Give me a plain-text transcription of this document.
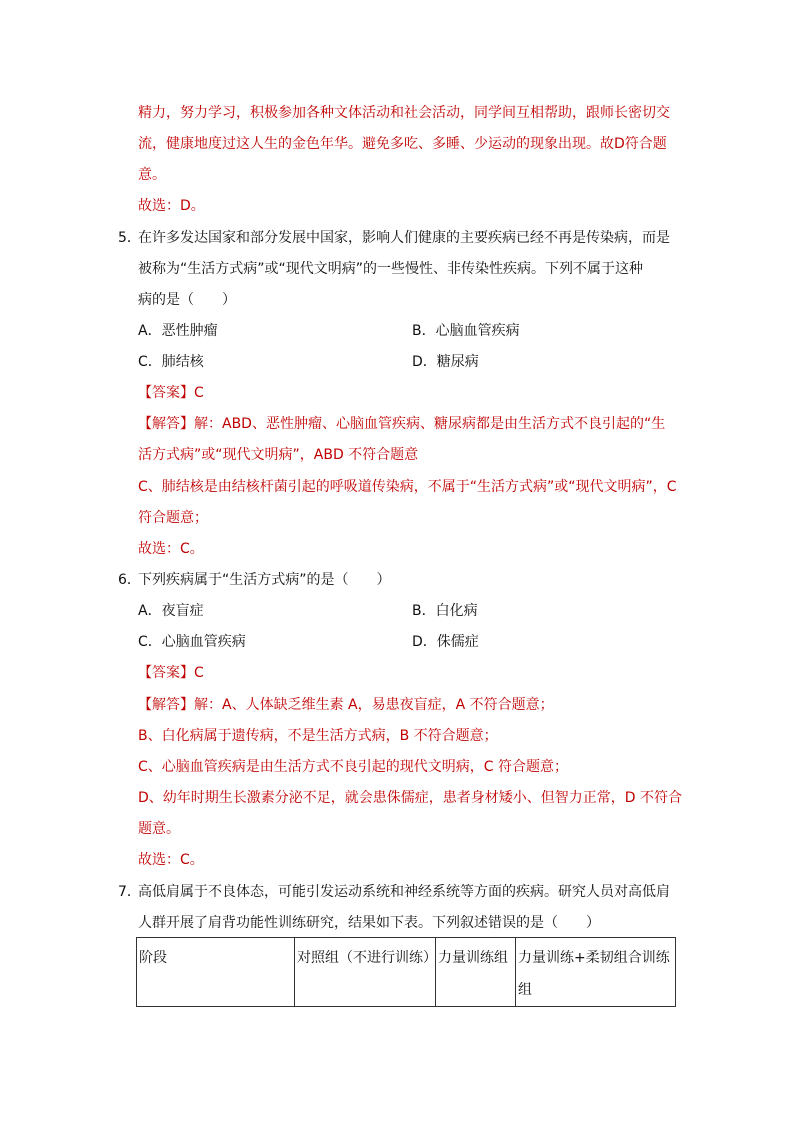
精力，努力学习，积极参加各种文体活动和社会活动，同学间互相帮助，跟师长密切交
流，健康地度过这人生的金色年华。避免多吃、多睡、少运动的现象出现。故D符合题
意。
故选：D。
5．
在许多发达国家和部分发展中国家，影响人们健康的主要疾病已经不再是传染病，而是
被称为“生活方式病”或“现代文明病”的一些慢性、非传染性疾病。下列不属于这种
病的是（　　）
A．恶性肿瘤	B．心脑血管疾病
C．肺结核	D．糖尿病
【答案】C
【解答】解：ABD、恶性肿瘤、心脑血管疾病、糖尿病都是由生活方式不良引起的“生
活方式病”或“现代文明病”，ABD 不符合题意
C、肺结核是由结核杆菌引起的呼吸道传染病，不属于“生活方式病”或“现代文明病”，C
符合题意；
故选：C。
6．
下列疾病属于“生活方式病”的是（　　）
A．夜盲症	B．白化病
C．心脑血管疾病	D．侏儒症
【答案】C
【解答】解：A、人体缺乏维生素 A，易患夜盲症，A 不符合题意；
B、白化病属于遗传病，不是生活方式病，B 不符合题意；
C、心脑血管疾病是由生活方式不良引起的现代文明病，C 符合题意；
D、幼年时期生长激素分泌不足，就会患侏儒症，患者身材矮小、但智力正常，D 不符合
题意。
故选：C。
7．
高低肩属于不良体态，可能引发运动系统和神经系统等方面的疾病。研究人员对高低肩
人群开展了肩背功能性训练研究，结果如下表。下列叙述错误的是（　　）
阶段	对照组（不进行训练）	力量训练组	力量训练+柔韧组合训练组
